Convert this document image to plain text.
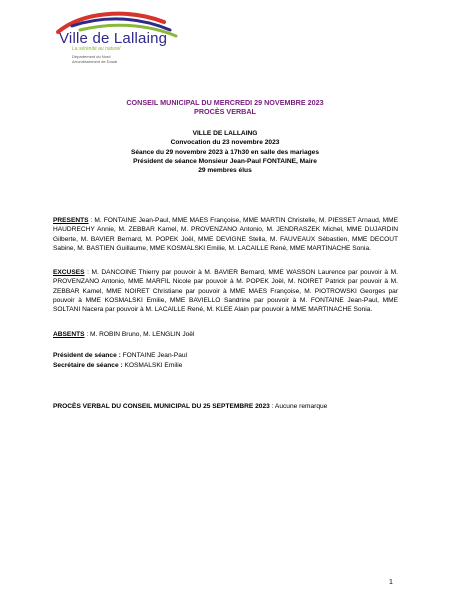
Ville de Lallaing
La sérénité au naturel
Département du Nord
Arrondissement de Douai
CONSEIL MUNICIPAL DU MERCREDI 29 NOVEMBRE 2023
PROCÈS VERBAL
VILLE DE LALLAING
Convocation du 23 novembre 2023
Séance du 29 novembre 2023 à 17h30 en salle des mariages
Président de séance Monsieur Jean-Paul FONTAINE, Maire
29 membres élus
PRESENTS : M. FONTAINE Jean-Paul, MME MAES Françoise, MME MARTIN Christelle, M. PIESSET Arnaud, MME HAUDRECHY Annie, M. ZEBBAR Kamel, M. PROVENZANO Antonio, M. JENDRASZEK Michel, MME DUJARDIN Gilberte, M. BAVIER Bernard, M. POPEK Joël, MME DEVIGNE Stella, M. FAUVEAUX Sébastien, MME DECOUT Sabine, M. BASTIEN Guillaume, MME KOSMALSKI Emilie, M. LACAILLE René, MME MARTINACHE Sonia.
EXCUSES : M. DANCOINE Thierry par pouvoir à M. BAVIER Bernard, MME WASSON Laurence par pouvoir à M. PROVENZANO Antonio, MME MARFIL Nicole par pouvoir à M. POPEK Joël, M. NOIRET Patrick par pouvoir à M. ZEBBAR Kamel, MME NOIRET Christiane par pouvoir à MME MAES Françoise, M. PIOTROWSKI Georges par pouvoir à MME KOSMALSKI Emilie, MME BAVIELLO Sandrine par pouvoir à M. FONTAINE Jean-Paul, MME SOLTANI Nacera par pouvoir à M. LACAILLE René, M. KLEE Alain par pouvoir à MME MARTINACHE Sonia.
ABSENTS : M. ROBIN Bruno, M. LENGLIN Joël
Président de séance : FONTAINE Jean-Paul
Secrétaire de séance : KOSMALSKI Emilie
PROCÈS VERBAL DU CONSEIL MUNICIPAL DU 25 SEPTEMBRE 2023 : Aucune remarque
1
